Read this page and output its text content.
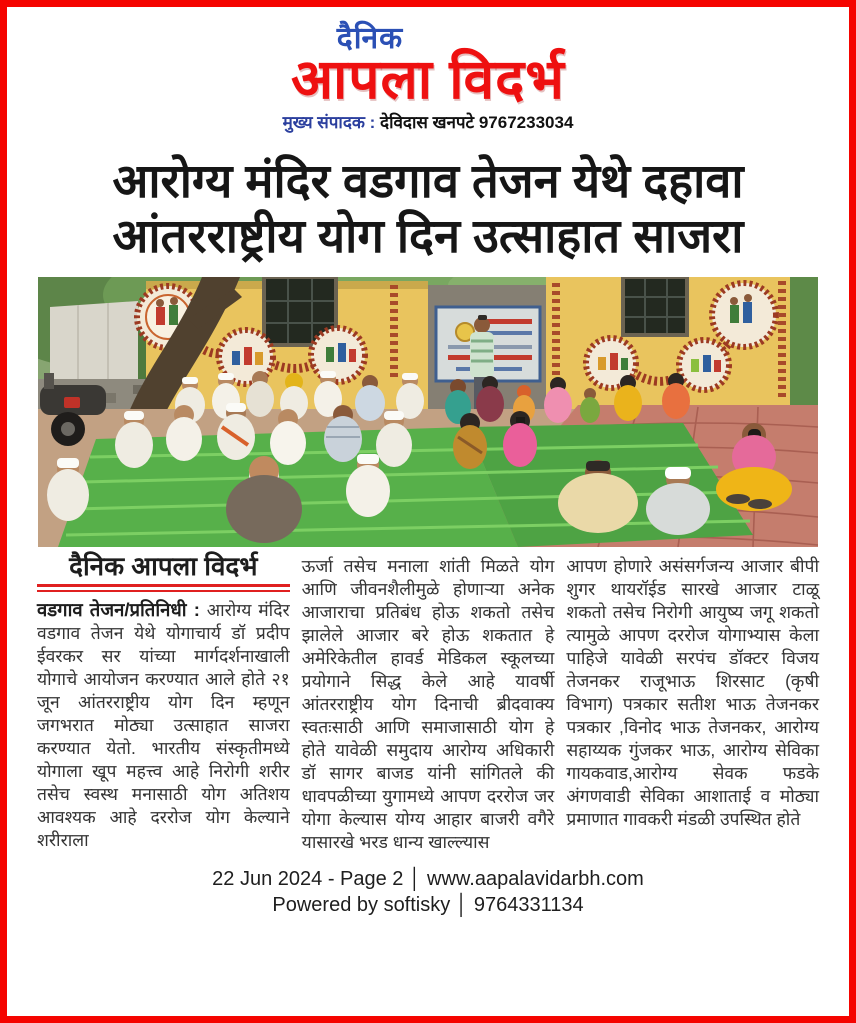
दैनिक
आपला विदर्भ
मुख्य संपादक : देविदास खनपटे 9767233034
आरोग्य मंदिर वडगाव तेजन येथे दहावा
आंतरराष्ट्रीय योग दिन उत्साहात साजरा
दैनिक आपला विदर्भ

वडगाव तेजन/प्रतिनिधी : आरोग्य मंदिर वडगाव तेजन येथे योगाचार्य डॉ प्रदीप ईवरकर सर यांच्या मार्गदर्शनाखाली योगाचे आयोजन करण्यात आले होते २१ जून आंतरराष्ट्रीय योग दिन म्हणून जगभरात मोठ्या उत्साहात साजरा करण्यात येतो. भारतीय संस्कृतीमध्ये योगाला खूप महत्त्व आहे निरोगी शरीर तसेच स्वस्थ मनासाठी योग अतिशय आवश्यक आहे दररोज योग केल्याने शरीराला

ऊर्जा तसेच मनाला शांती मिळते योग आणि जीवनशैलीमुळे होणाऱ्या अनेक आजाराचा प्रतिबंध होऊ शकतो तसेच झालेले आजार बरे होऊ शकतात हे अमेरिकेतील हावर्ड मेडिकल स्कूलच्या प्रयोगाने सिद्ध केले आहे यावर्षी आंतरराष्ट्रीय योग दिनाची ब्रीदवाक्य स्वतःसाठी आणि समाजासाठी योग हे होते यावेळी समुदाय आरोग्य अधिकारी डॉ सागर बाजड यांनी सांगितले की धावपळीच्या युगामध्ये आपण दररोज जर योगा केल्यास योग्य आहार बाजरी वगैरे यासारखे भरड धान्य खाल्ल्यास

आपण होणारे असंसर्गजन्य आजार बीपी शुगर थायरॉईड सारखे आजार टाळू शकतो तसेच निरोगी आयुष्य जगू शकतो त्यामुळे आपण दररोज योगाभ्यास केला पाहिजे यावेळी सरपंच डॉक्टर विजय तेजनकर राजूभाऊ शिरसाट (कृषी विभाग) पत्रकार सतीश भाऊ तेजनकर पत्रकार ,विनोद भाऊ तेजनकर, आरोग्य सहाय्यक गुंजकर भाऊ, आरोग्य सेविका गायकवाड,आरोग्य सेवक फडके अंगणवाडी सेविका आशाताई व मोठ्या प्रमाणात गावकरी मंडळी उपस्थित होते

22 Jun 2024 - Page 2 │ www.aapalavidarbh.com
Powered by softisky │ 9764331134
